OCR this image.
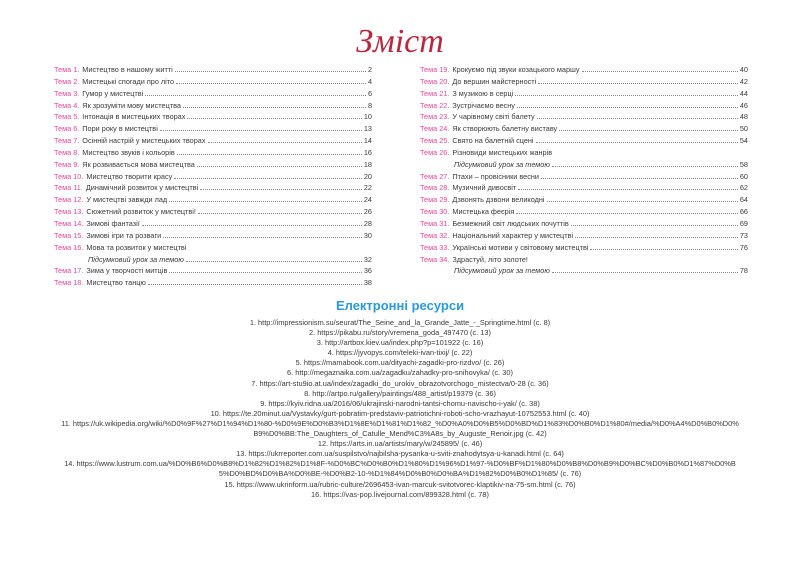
Зміст
Тема 1. Мистецтво в нашому житті	2
Тема 2. Мистецькі спогади про літо	4
Тема 3. Гумор у мистецтві	6
Тема 4. Як зрозуміти мову мистецтва	8
Тема 5. Інтонація в мистецьких творах	10
Тема 6. Пори року в мистецтві	13
Тема 7. Осінній настрій у мистецьких творах	14
Тема 8. Мистецтво звуків і кольорів	16
Тема 9. Як розвивається мова мистецтва	18
Тема 10. Мистецтво творити красу	20
Тема 11. Динамічний розвиток у мистецтві	22
Тема 12. У мистецтві завжди лад	24
Тема 13. Сюжетний розвиток у мистецтві!	26
Тема 14. Зимові фантазії	28
Тема 15. Зимові ігри та розваги	30
Тема 16. Мова та розвиток у мистецтві
Підсумковий урок за темою	32
Тема 17. Зима у творчості митців	36
Тема 18. Мистецтво танцю	38
Тема 19. Крокуємо під звуки козацького маршу	40
Тема 20. До вершин майстерності	42
Тема 21. З музикою в серці	44
Тема 22. Зустрічаємо весну	46
Тема 23. У чарівному світі балету	48
Тема 24. Як створюють балетну виставу	50
Тема 25. Свято на балетній сцені	54
Тема 26. Різновиди мистецьких жанрів
Підсумковий урок за темою	58
Тема 27. Птахи – провісники весни	60
Тема 28. Музичний дивосвіт	62
Тема 29. Дзвонять дзвони великодні	64
Тема 30. Мистецька феєрія	66
Тема 31. Безмежний світ людських почуттів	69
Тема 32. Національний характер у мистецтві	73
Тема 33. Українські мотиви у світовому мистецтві	76
Тема 34. Здрастуй, літо золоте!
Підсумковий урок за темою	78
Електронні ресурси
1. http://impressionism.su/seurat/The_Seine_and_la_Grande_Jatte_-_Springtime.html (c. 8)
2. https://pikabu.ru/story/vremena_goda_497470 (c. 13)
3. http://artbox.kiev.ua/index.php?p=101922 (c. 16)
4. https://jyvopys.com/teleki-ivan-tixij/ (c. 22)
5. https://mamabook.com.ua/dityachi-zagadki-pro-rizdvo/ (c. 26)
6. http://megaznaika.com.ua/zagadku/zahadky-pro-snihovyka/ (c. 30)
7. https://art-stu9io.at.ua/index/zagadki_do_urokiv_obrazotvorchogo_mistectva/0-28 (c. 36)
8. http://artpo.ru/gallery/paintings/488_artist/p19379 (c. 36)
9. https://kyiv.ridna.ua/2016/06/ukrajinski-narodni-tantsi-chomu-navischo-i-yak/ (c. 38)
10. https://te.20minut.ua/Vystavky/gurt-pobratim-predstaviv-patriotichni-roboti-scho-vrazhayut-10752553.html (c. 40)
11. https://uk.wikipedia.org/wiki/%D0%9F%27%D1%94%D1%80-%D0%9E%D0%B3%D1%8E%D1%81%D1%82_%D0%A0%D0%B5%D0%BD%D1%83%D0%B0%D1%80#/media/%D0%A4%D0%B0%D0%B9%D0%BB:The_Daughters_of_Catulle_Mend%C3%A8s_by_Auguste_Renoir.jpg (c. 42)
12. https://arts.in.ua/artists/mary/w/245895/ (c. 46)
13. https://ukrreporter.com.ua/suspilstvo/najbilsha-pysanka-u-sviti-znahodytsya-u-kanadi.html (c. 64)
14. https://www.lustrum.com.ua/%D0%B6%D0%B8%D1%82%D1%82%D1%8F-%D0%BC%D0%B0%D1%80%D1%96%D1%97-%D0%BF%D1%80%D0%B8%D0%B9%D0%BC%D0%B0%D1%87%D0%B5%D0%BD%D0%BA%D0%BE-%D0%B2-10-%D1%84%D0%B0%D0%BA%D1%82%D0%B0%D1%85/ (c. 76)
15. https://www.ukrinform.ua/rubric-culture/2696453-ivan-marcuk-svitotvorec-klaptikiv-na-75-sm.html (c. 76)
16. https://vas-pop.livejournal.com/899328.html (c. 78)
